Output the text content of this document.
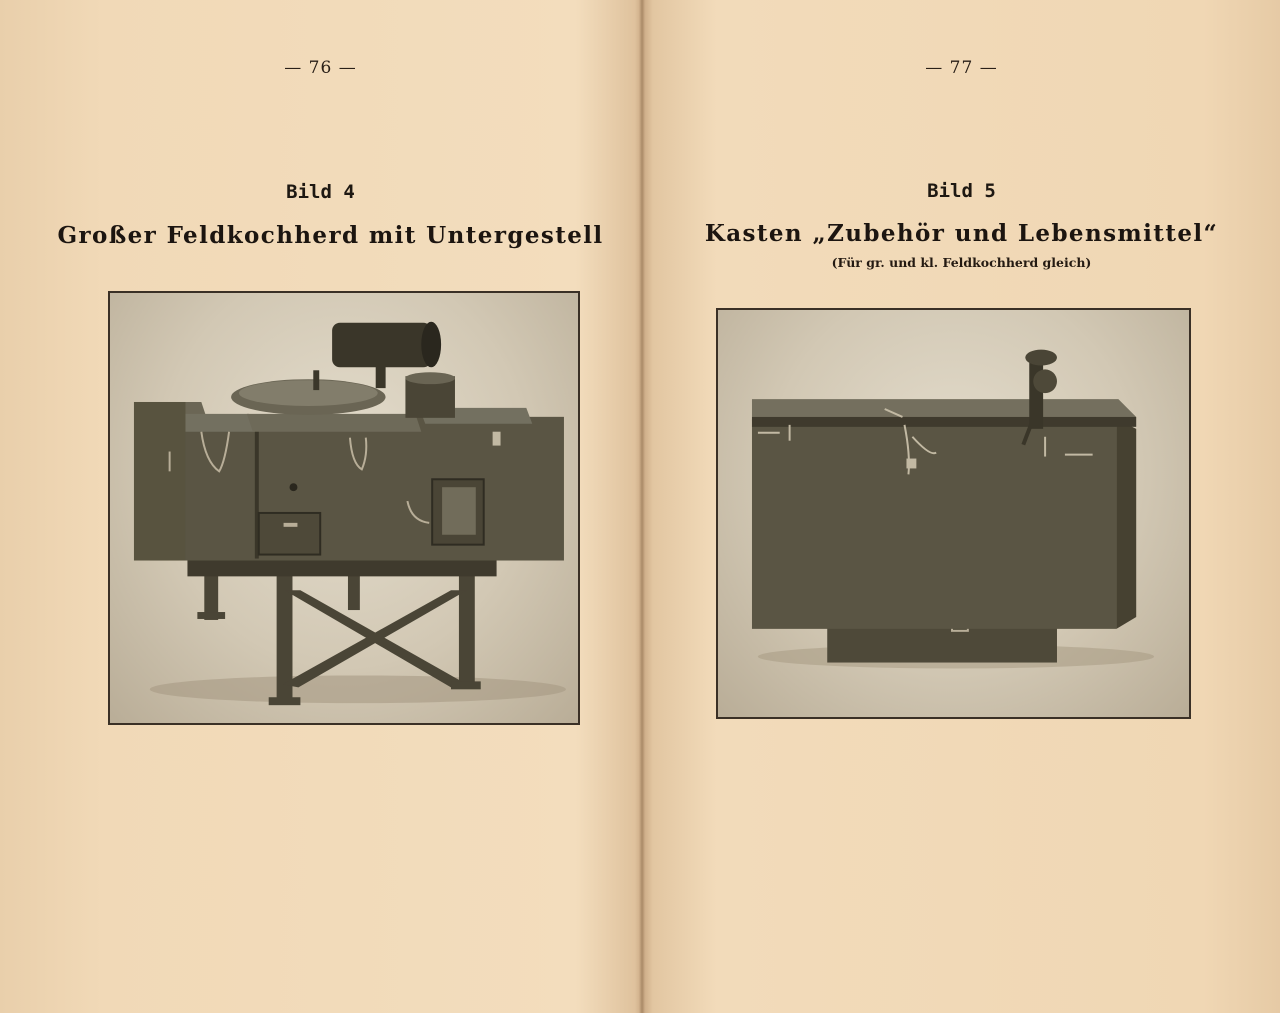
— 76 —
Bild 4
Großer Feldkochherd mit Untergestell
— 77 —
Bild 5
Kasten „Zubehör und Lebensmittel“
(Für gr. und kl. Feldkochherd gleich)
